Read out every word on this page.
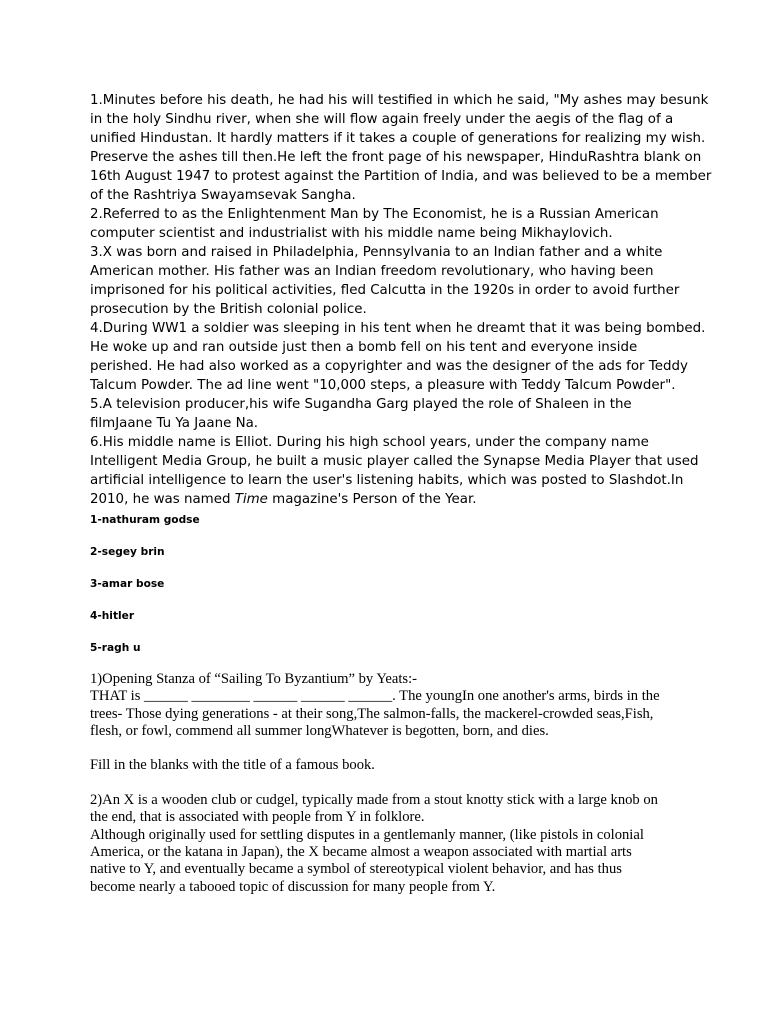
1.Minutes before his death, he had his will testified in which he said, "My ashes may besunk

in the holy Sindhu river, when she will flow again freely under the aegis of the flag of a

unified Hindustan. It hardly matters if it takes a couple of generations for realizing my wish.

Preserve the ashes till then.He left the front page of his newspaper, HinduRashtra blank on

16th August 1947 to protest against the Partition of India, and was believed to be a member

of the Rashtriya Swayamsevak Sangha.

2.Referred to as the Enlightenment Man by The Economist, he is a Russian American

computer scientist and industrialist with his middle name being Mikhaylovich.

3.X was born and raised in Philadelphia, Pennsylvania to an Indian father and a white

American mother. His father was an Indian freedom revolutionary, who having been

imprisoned for his political activities, fled Calcutta in the 1920s in order to avoid further

prosecution by the British colonial police.

4.During WW1 a soldier was sleeping in his tent when he dreamt that it was being bombed.

He woke up and ran outside just then a bomb fell on his tent and everyone inside

perished. He had also worked as a copyrighter and was the designer of the ads for Teddy

Talcum Powder. The ad line went "10,000 steps, a pleasure with Teddy Talcum Powder".

5.A television producer,his wife Sugandha Garg played the role of Shaleen in the

filmJaane Tu Ya Jaane Na.

6.His middle name is Elliot. During his high school years, under the company name

Intelligent Media Group, he built a music player called the Synapse Media Player that used

artificial intelligence to learn the user's listening habits, which was posted to Slashdot.In

2010, he was named Time magazine's Person of the Year.

1-nathuram godse
2-segey brin
3-amar bose
4-hitler
5-ragh u

1)Opening Stanza of “Sailing To Byzantium” by Yeats:-

THAT is ______ ________ ______ ______ ______. The youngIn one another's arms, birds in the

trees- Those dying generations - at their song,The salmon-falls, the mackerel-crowded seas,Fish,

flesh, or fowl, commend all summer longWhatever is begotten, born, and dies.

Fill in the blanks with the title of a famous book.

2)An X is a wooden club or cudgel, typically made from a stout knotty stick with a large knob on

the end, that is associated with people from Y in folklore.

Although originally used for settling disputes in a gentlemanly manner, (like pistols in colonial

America, or the katana in Japan), the X became almost a weapon associated with martial arts

native to Y, and eventually became a symbol of stereotypical violent behavior, and has thus

become nearly a tabooed topic of discussion for many people from Y.
